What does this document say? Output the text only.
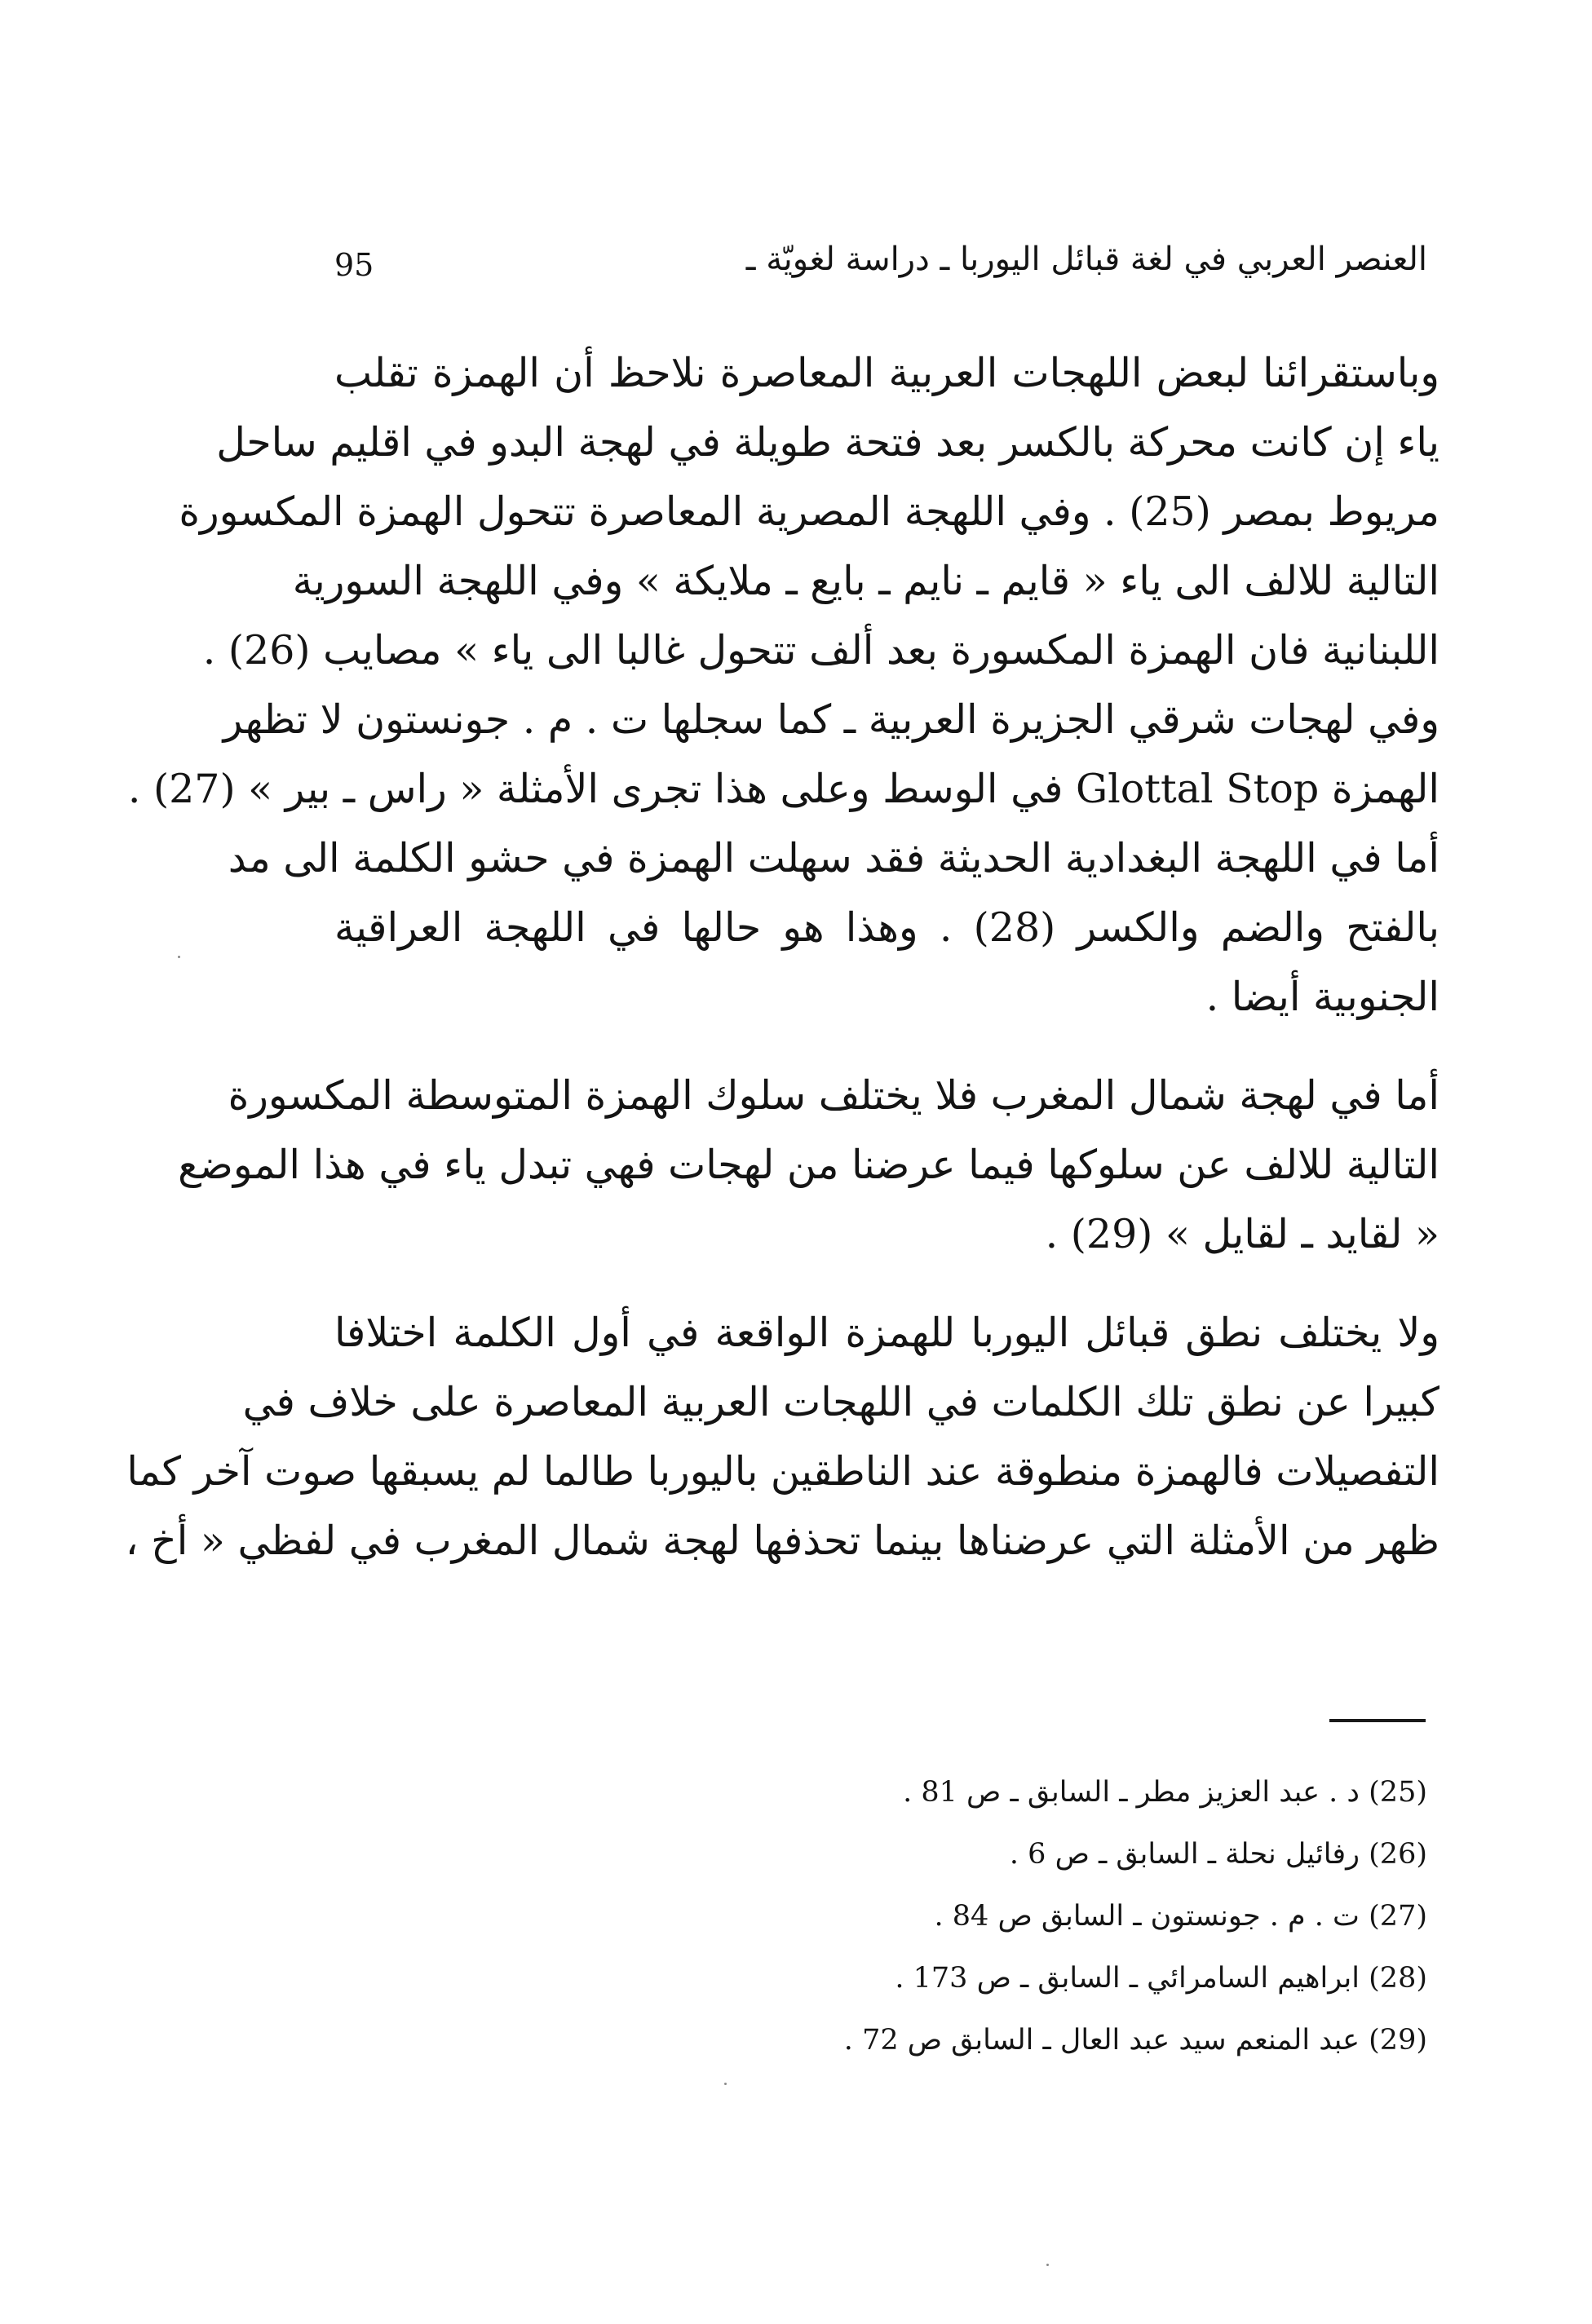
95	العنصر العربي في لغة قبائل اليوربا ـ دراسة لغويّة ـ
وباستقرائنا لبعض اللهجات العربية المعاصرة نلاحظ أن الهمزة تقلب
ياء إن كانت محركة بالكسر بعد فتحة طويلة في لهجة البدو في اقليم ساحل
مريوط بمصر (25) . وفي اللهجة المصرية المعاصرة تتحول الهمزة المكسورة
التالية للالف الى ياء « قايم ـ نايم ـ بايع ـ ملايكة » وفي اللهجة السورية
اللبنانية فان الهمزة المكسورة بعد ألف تتحول غالبا الى ياء » مصايب (26) .
وفي لهجات شرقي الجزيرة العربية ـ كما سجلها ت . م . جونستون لا تظهر
الهمزة Glottal Stop في الوسط وعلى هذا تجرى الأمثلة « راس ـ بير » (27) .
أما في اللهجة البغدادية الحديثة فقد سهلت الهمزة في حشو الكلمة الى مد
بالفتح والضم والكسر (28) . وهذا هو حالها في اللهجة العراقية
الجنوبية أيضا .
أما في لهجة شمال المغرب فلا يختلف سلوك الهمزة المتوسطة المكسورة
التالية للالف عن سلوكها فيما عرضنا من لهجات فهي تبدل ياء في هذا الموضع
« لقايد ـ لقايل » (29) .
ولا يختلف نطق قبائل اليوربا للهمزة الواقعة في أول الكلمة اختلافا
كبيرا عن نطق تلك الكلمات في اللهجات العربية المعاصرة على خلاف في
التفصيلات فالهمزة منطوقة عند الناطقين باليوربا طالما لم يسبقها صوت آخر كما
ظهر من الأمثلة التي عرضناها بينما تحذفها لهجة شمال المغرب في لفظي « أخ ،
(25) د . عبد العزيز مطر ـ السابق ـ ص 81 .
(26) رفائيل نحلة ـ السابق ـ ص 6 .
(27) ت . م . جونستون ـ السابق ص 84 .
(28) ابراهيم السامرائي ـ السابق ـ ص 173 .
(29) عبد المنعم سيد عبد العال ـ السابق ص 72 .
